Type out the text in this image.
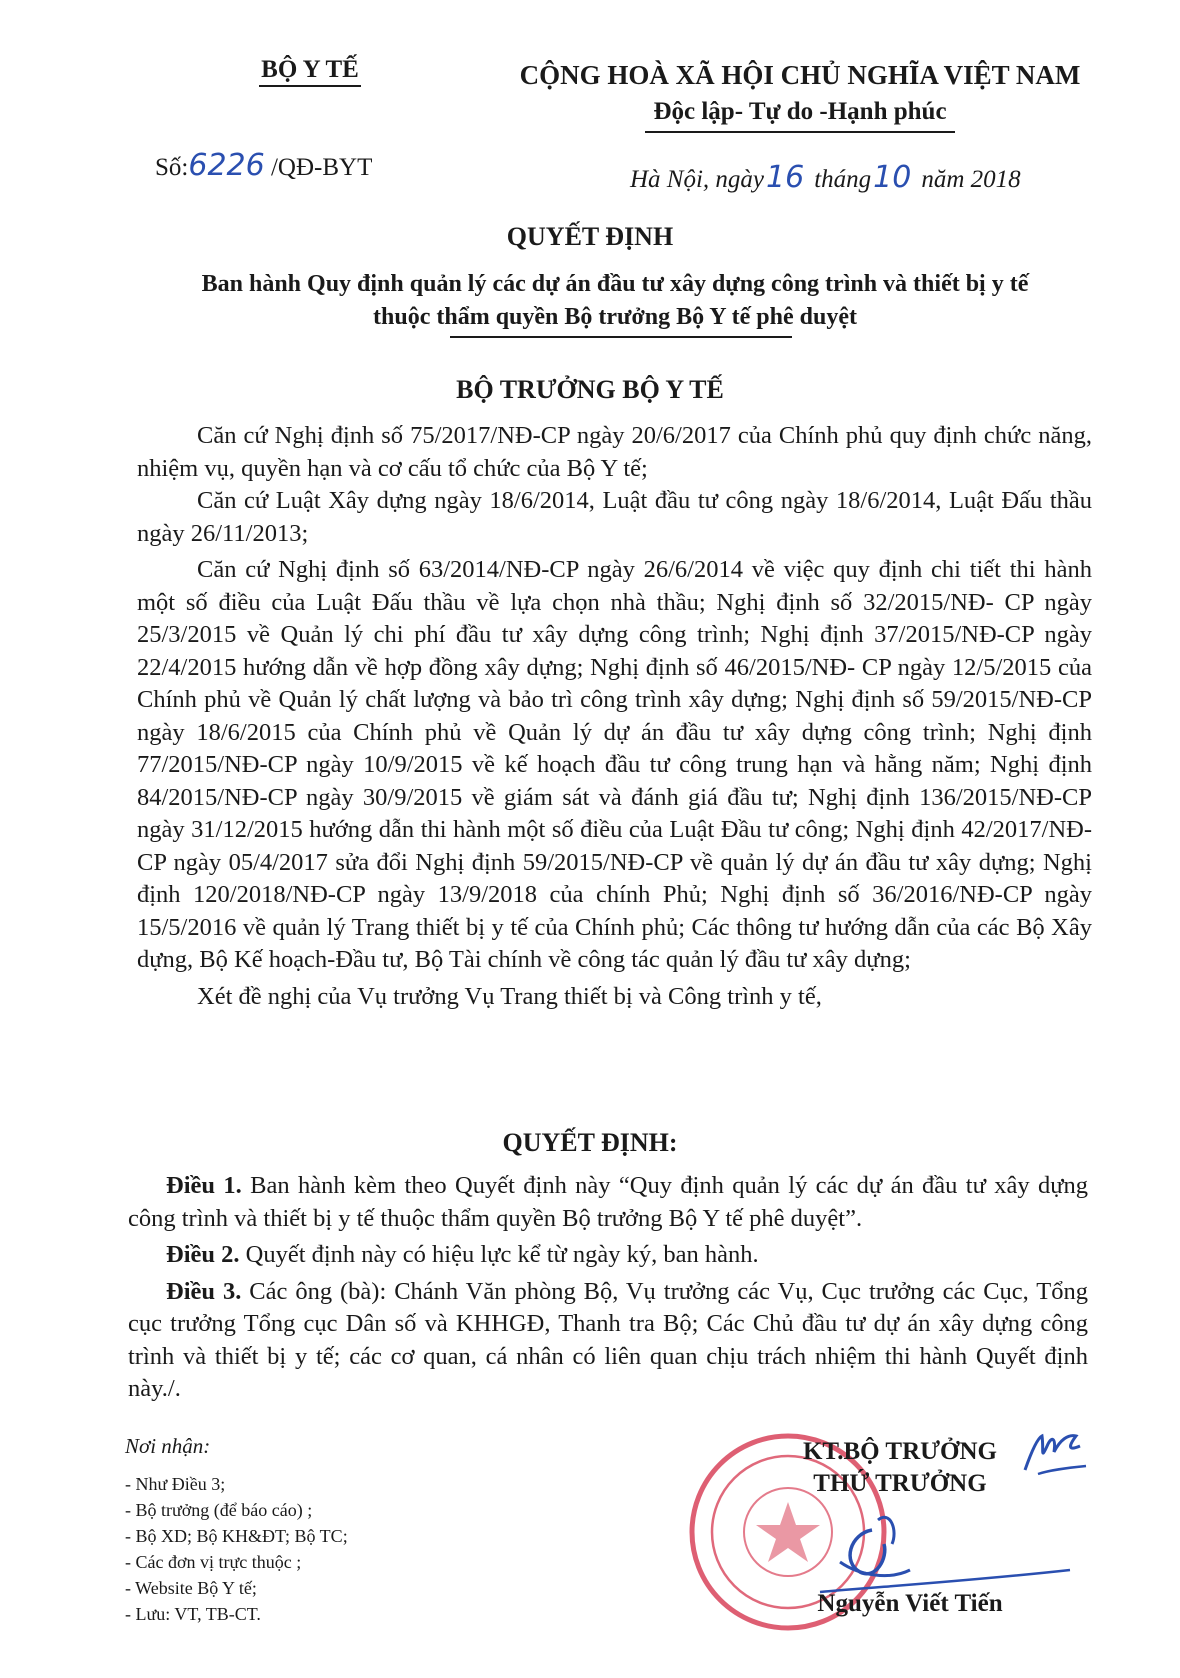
BỘ Y TẾ	CỘNG HOÀ XÃ HỘI CHỦ NGHĨA VIỆT NAM
Độc lập- Tự do -Hạnh phúc
Số:6226 /QĐ-BYT	Hà Nội, ngày16 tháng10 năm 2018
QUYẾT ĐỊNH
Ban hành Quy định quản lý các dự án đầu tư xây dựng công trình và thiết bị y tế
thuộc thẩm quyền Bộ trưởng Bộ Y tế phê duyệt
BỘ TRƯỞNG BỘ Y TẾ

Căn cứ Nghị định số 75/2017/NĐ-CP ngày 20/6/2017 của Chính phủ quy định chức năng, nhiệm vụ, quyền hạn và cơ cấu tổ chức của Bộ Y tế;

Căn cứ Luật Xây dựng ngày 18/6/2014, Luật đầu tư công ngày 18/6/2014, Luật Đấu thầu ngày 26/11/2013;

Căn cứ Nghị định số 63/2014/NĐ-CP ngày 26/6/2014 về việc quy định chi tiết thi hành một số điều của Luật Đấu thầu về lựa chọn nhà thầu; Nghị định số 32/2015/NĐ- CP ngày 25/3/2015 về Quản lý chi phí đầu tư xây dựng công trình; Nghị định 37/2015/NĐ-CP ngày 22/4/2015 hướng dẫn về hợp đồng xây dựng; Nghị định số 46/2015/NĐ- CP ngày 12/5/2015 của Chính phủ về Quản lý chất lượng và bảo trì công trình xây dựng; Nghị định số 59/2015/NĐ-CP ngày 18/6/2015 của Chính phủ về Quản lý dự án đầu tư xây dựng công trình; Nghị định 77/2015/NĐ-CP ngày 10/9/2015 về kế hoạch đầu tư công trung hạn và hằng năm; Nghị định 84/2015/NĐ-CP ngày 30/9/2015 về giám sát và đánh giá đầu tư; Nghị định 136/2015/NĐ-CP ngày 31/12/2015 hướng dẫn thi hành một số điều của Luật Đầu tư công; Nghị định 42/2017/NĐ-CP ngày 05/4/2017 sửa đổi Nghị định 59/2015/NĐ-CP về quản lý dự án đầu tư xây dựng; Nghị định 120/2018/NĐ-CP ngày 13/9/2018 của chính Phủ; Nghị định số 36/2016/NĐ-CP ngày 15/5/2016 về quản lý Trang thiết bị y tế của Chính phủ; Các thông tư hướng dẫn của các Bộ Xây dựng, Bộ Kế hoạch-Đầu tư, Bộ Tài chính về công tác quản lý đầu tư xây dựng;

Xét đề nghị của Vụ trưởng Vụ Trang thiết bị và Công trình y tế,

QUYẾT ĐỊNH:

Điều 1. Ban hành kèm theo Quyết định này “Quy định quản lý các dự án đầu tư xây dựng công trình và thiết bị y tế thuộc thẩm quyền Bộ trưởng Bộ Y tế phê duyệt”.

Điều 2. Quyết định này có hiệu lực kể từ ngày ký, ban hành.

Điều 3. Các ông (bà): Chánh Văn phòng Bộ, Vụ trưởng các Vụ, Cục trưởng các Cục, Tổng cục trưởng Tổng cục Dân số và KHHGĐ, Thanh tra Bộ; Các Chủ đầu tư dự án xây dựng công trình và thiết bị y tế; các cơ quan, cá nhân có liên quan chịu trách nhiệm thi hành Quyết định này./.

Nơi nhận:
- Như Điều 3;
- Bộ trưởng (để báo cáo) ;
- Bộ XD; Bộ KH&ĐT; Bộ TC;
- Các đơn vị trực thuộc ;
- Website Bộ Y tế;
- Lưu: VT, TB-CT.
KT.BỘ TRƯỞNG
THỨ TRƯỞNG
Nguyễn Viết Tiến
